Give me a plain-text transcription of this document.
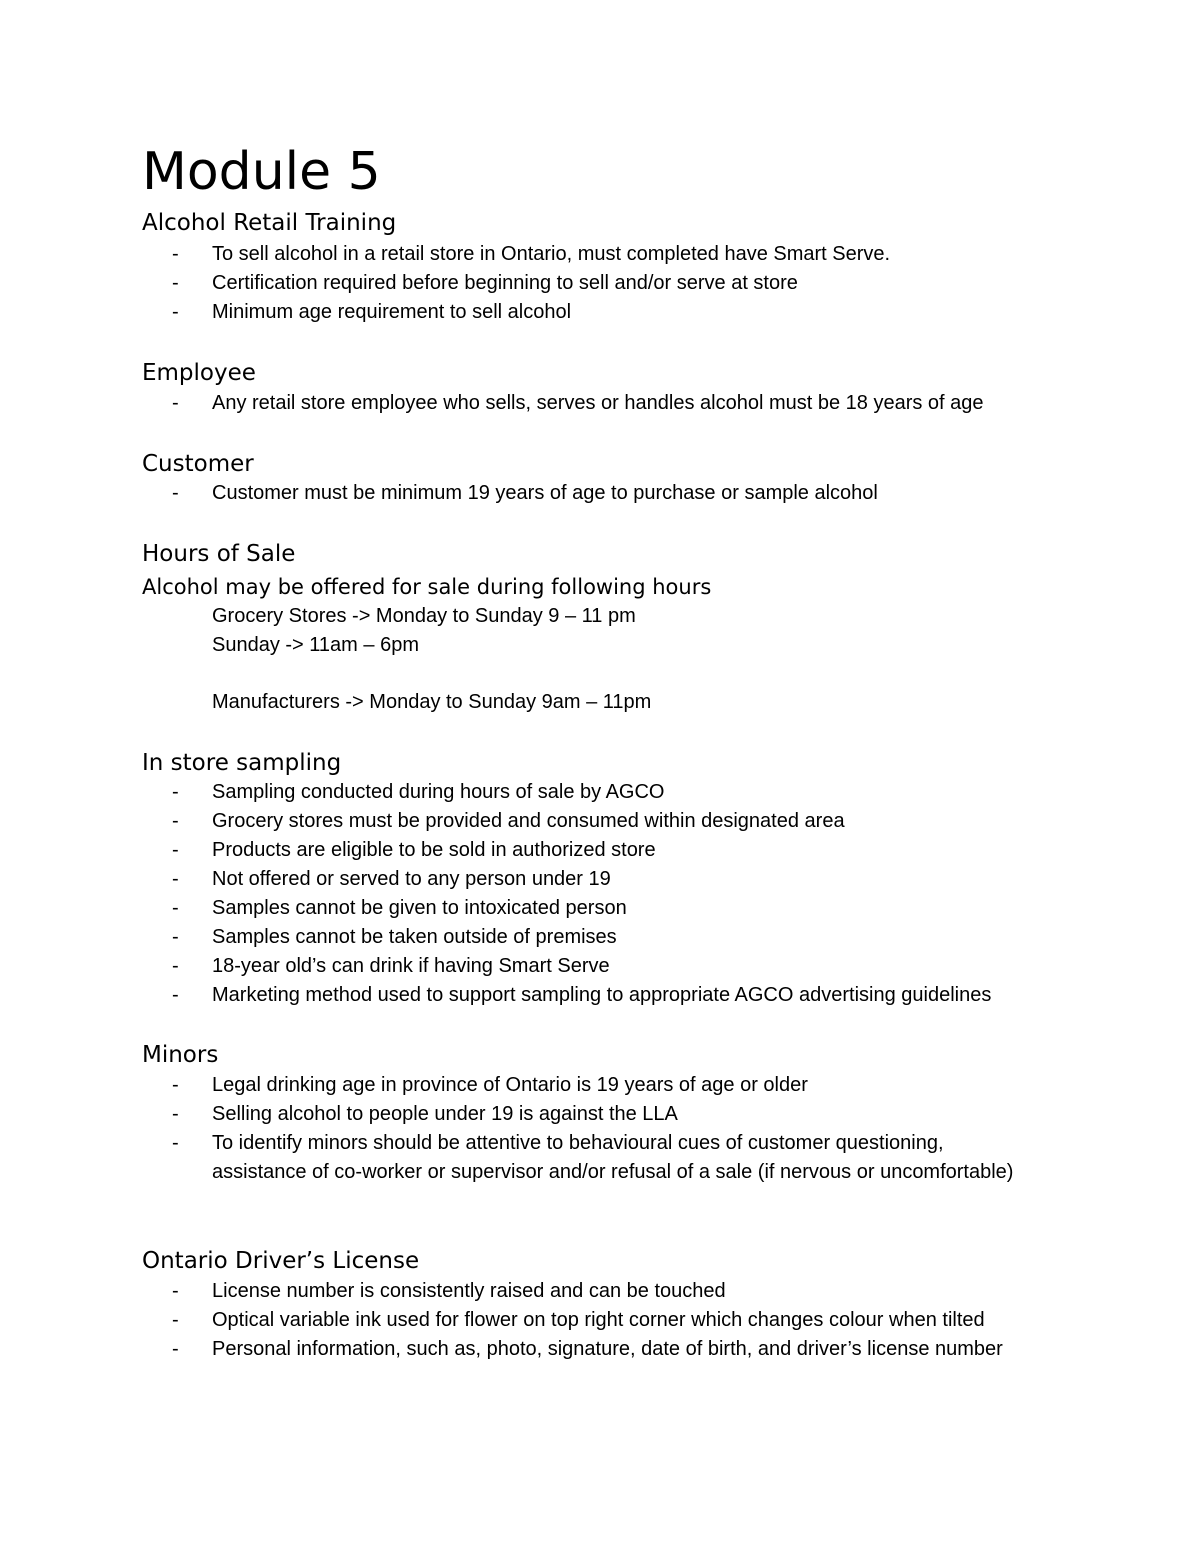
Module 5
Alcohol Retail Training
- To sell alcohol in a retail store in Ontario, must completed have Smart Serve.
- Certification required before beginning to sell and/or serve at store
- Minimum age requirement to sell alcohol
Employee
- Any retail store employee who sells, serves or handles alcohol must be 18 years of age
Customer
- Customer must be minimum 19 years of age to purchase or sample alcohol
Hours of Sale

Alcohol may be offered for sale during following hours

Grocery Stores -> Monday to Sunday 9 – 11 pm
Sunday -> 11am – 6pm
Manufacturers -> Monday to Sunday 9am – 11pm
In store sampling
- Sampling conducted during hours of sale by AGCO
- Grocery stores must be provided and consumed within designated area
- Products are eligible to be sold in authorized store
- Not offered or served to any person under 19
- Samples cannot be given to intoxicated person
- Samples cannot be taken outside of premises
- 18-year old’s can drink if having Smart Serve
- Marketing method used to support sampling to appropriate AGCO advertising guidelines
Minors
- Legal drinking age in province of Ontario is 19 years of age or older
- Selling alcohol to people under 19 is against the LLA
- To identify minors should be attentive to behavioural cues of customer questioning, assistance of co-worker or supervisor and/or refusal of a sale (if nervous or uncomfortable)
Ontario Driver’s License
- License number is consistently raised and can be touched
- Optical variable ink used for flower on top right corner which changes colour when tilted
- Personal information, such as, photo, signature, date of birth, and driver’s license number
